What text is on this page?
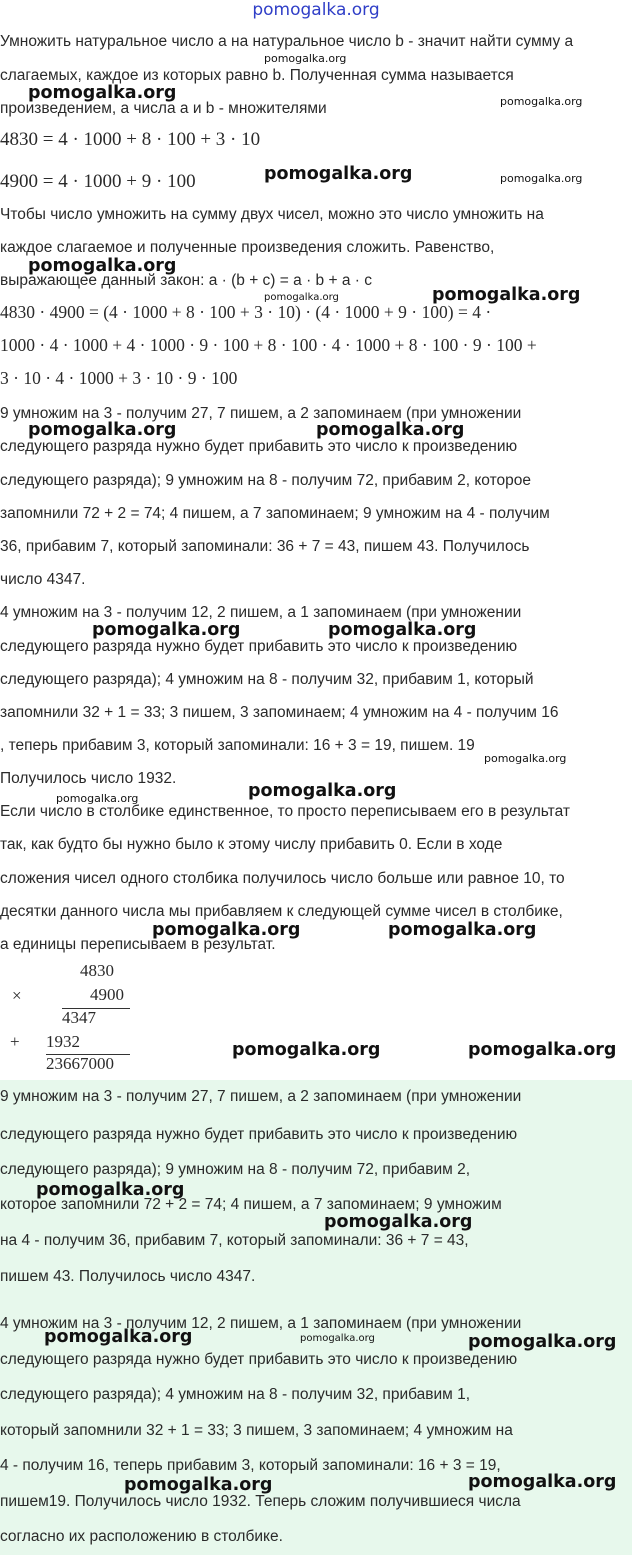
pomogalka.org
Умножить натуральное число a на натуральное число b - значит найти сумму a
слагаемых, каждое из которых равно b. Полученная сумма называется
произведением, а числа a и b - множителями
4830 = 4 · 1000 + 8 · 100 + 3 · 10
4900 = 4 · 1000 + 9 · 100
Чтобы число умножить на сумму двух чисел, можно это число умножить на
каждое слагаемое и полученные произведения сложить. Равенство,
выражающее данный закон: a · (b + c) = a · b + a · c
4830 · 4900 = (4 · 1000 + 8 · 100 + 3 · 10) · (4 · 1000 + 9 · 100) = 4 ·
1000 · 4 · 1000 + 4 · 1000 · 9 · 100 + 8 · 100 · 4 · 1000 + 8 · 100 · 9 · 100 +
3 · 10 · 4 · 1000 + 3 · 10 · 9 · 100
9 умножим на 3 - получим 27, 7 пишем, а 2 запоминаем (при умножении
следующего разряда нужно будет прибавить это число к произведению
следующего разряда); 9 умножим на 8 - получим 72, прибавим 2, которое
запомнили 72 + 2 = 74; 4 пишем, а 7 запоминаем; 9 умножим на 4 - получим
36, прибавим 7, который запоминали: 36 + 7 = 43, пишем 43. Получилось
число 4347.
4 умножим на 3 - получим 12, 2 пишем, а 1 запоминаем (при умножении
следующего разряда нужно будет прибавить это число к произведению
следующего разряда); 4 умножим на 8 - получим 32, прибавим 1, который
запомнили 32 + 1 = 33; 3 пишем, 3 запоминаем; 4 умножим на 4 - получим 16
, теперь прибавим 3, который запоминали: 16 + 3 = 19, пишем. 19
Получилось число 1932.
Если число в столбике единственное, то просто переписываем его в результат
так, как будто бы нужно было к этому числу прибавить 0. Если в ходе
сложения чисел одного столбика получилось число больше или равное 10, то
десятки данного числа мы прибавляем к следующей сумме чисел в столбике,
а единицы переписываем в результат.
4830
×	4900
4347
+ 1932
23667000
9 умножим на 3 - получим 27, 7 пишем, а 2 запоминаем (при умножении
следующего разряда нужно будет прибавить это число к произведению
следующего разряда); 9 умножим на 8 - получим 72, прибавим 2,
которое запомнили 72 + 2 = 74; 4 пишем, а 7 запоминаем; 9 умножим
на 4 - получим 36, прибавим 7, который запоминали: 36 + 7 = 43,
пишем 43. Получилось число 4347.
4 умножим на 3 - получим 12, 2 пишем, а 1 запоминаем (при умножении
следующего разряда нужно будет прибавить это число к произведению
следующего разряда); 4 умножим на 8 - получим 32, прибавим 1,
который запомнили 32 + 1 = 33; 3 пишем, 3 запоминаем; 4 умножим на
4 - получим 16, теперь прибавим 3, который запоминали: 16 + 3 = 19,
пишем19. Получилось число 1932. Теперь сложим получившиеся числа
согласно их расположению в столбике.
pomogalka.org
pomogalka.org	pomogalka.org
pomogalka.org	pomogalka.org
pomogalka.org
pomogalka.org
pomogalka.org
pomogalka.org	pomogalka.org
pomogalka.org	pomogalka.org
pomogalka.org
pomogalka.org
pomogalka.org
pomogalka.org	pomogalka.org
pomogalka.org	pomogalka.org
pomogalka.org
pomogalka.org
pomogalka.org	pomogalka.org	pomogalka.org
pomogalka.org	pomogalka.org
